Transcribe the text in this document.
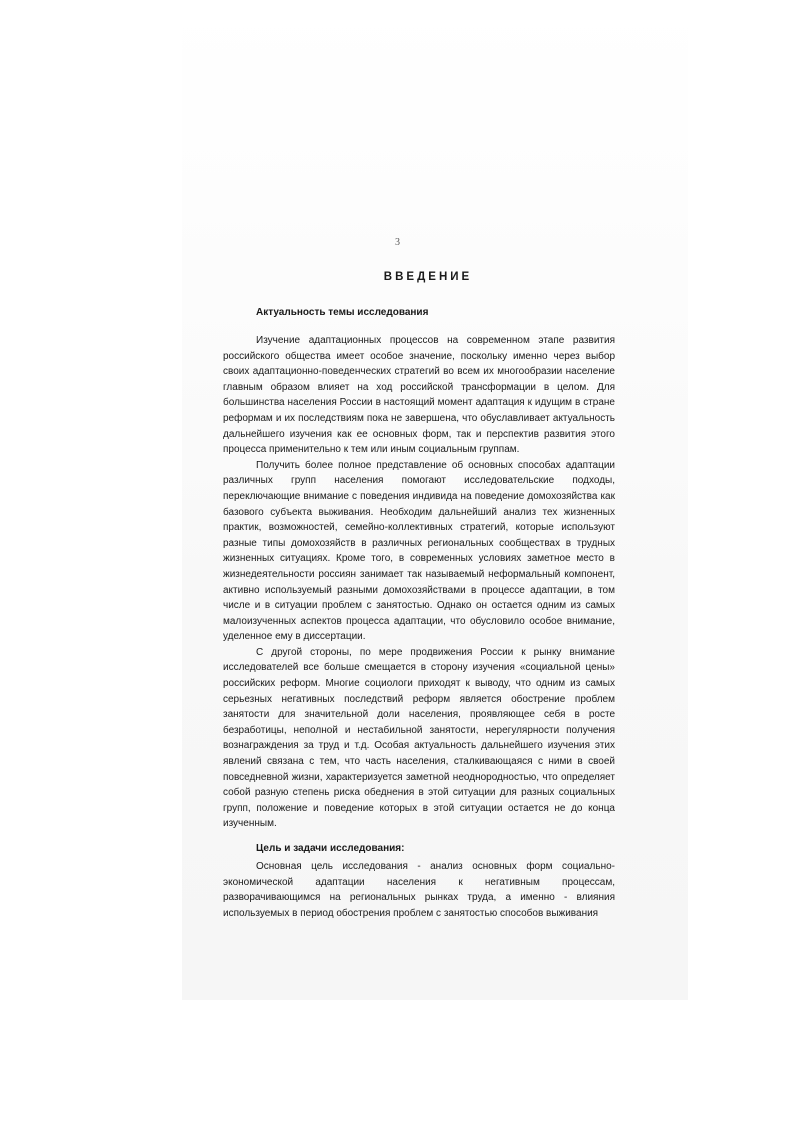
3
ВВЕДЕНИЕ
Актуальность темы исследования

Изучение адаптационных процессов на современном этапе развития российского общества имеет особое значение, поскольку именно через выбор своих адаптационно-поведенческих стратегий во всем их многообразии население главным образом влияет на ход российской трансформации в целом. Для большинства населения России в настоящий момент адаптация к идущим в стране реформам и их последствиям пока не завершена, что обуславливает актуальность дальнейшего изучения как ее основных форм, так и перспектив развития этого процесса применительно к тем или иным социальным группам.

Получить более полное представление об основных способах адаптации различных групп населения помогают исследовательские подходы, переключающие внимание с поведения индивида на поведение домохозяйства как базового субъекта выживания. Необходим дальнейший анализ тех жизненных практик, возможностей, семейно-коллективных стратегий, которые используют разные типы домохозяйств в различных региональных сообществах в трудных жизненных ситуациях. Кроме того, в современных условиях заметное место в жизнедеятельности россиян занимает так называемый неформальный компонент, активно используемый разными домохозяйствами в процессе адаптации, в том числе и в ситуации проблем с занятостью. Однако он остается одним из самых малоизученных аспектов процесса адаптации, что обусловило особое внимание, уделенное ему в диссертации.

С другой стороны, по мере продвижения России к рынку внимание исследователей все больше смещается в сторону изучения «социальной цены» российских реформ. Многие социологи приходят к выводу, что одним из самых серьезных негативных последствий реформ является обострение проблем занятости для значительной доли населения, проявляющее себя в росте безработицы, неполной и нестабильной занятости, нерегулярности получения вознаграждения за труд и т.д. Особая актуальность дальнейшего изучения этих явлений связана с тем, что часть населения, сталкивающаяся с ними в своей повседневной жизни, характеризуется заметной неоднородностью, что определяет собой разную степень риска обеднения в этой ситуации для разных социальных групп, положение и поведение которых в этой ситуации остается не до конца изученным.

Цель и задачи исследования:

Основная цель исследования - анализ основных форм социально-экономической адаптации населения к негативным процессам, разворачивающимся на региональных рынках труда, а именно - влияния используемых в период обострения проблем с занятостью способов выживания
